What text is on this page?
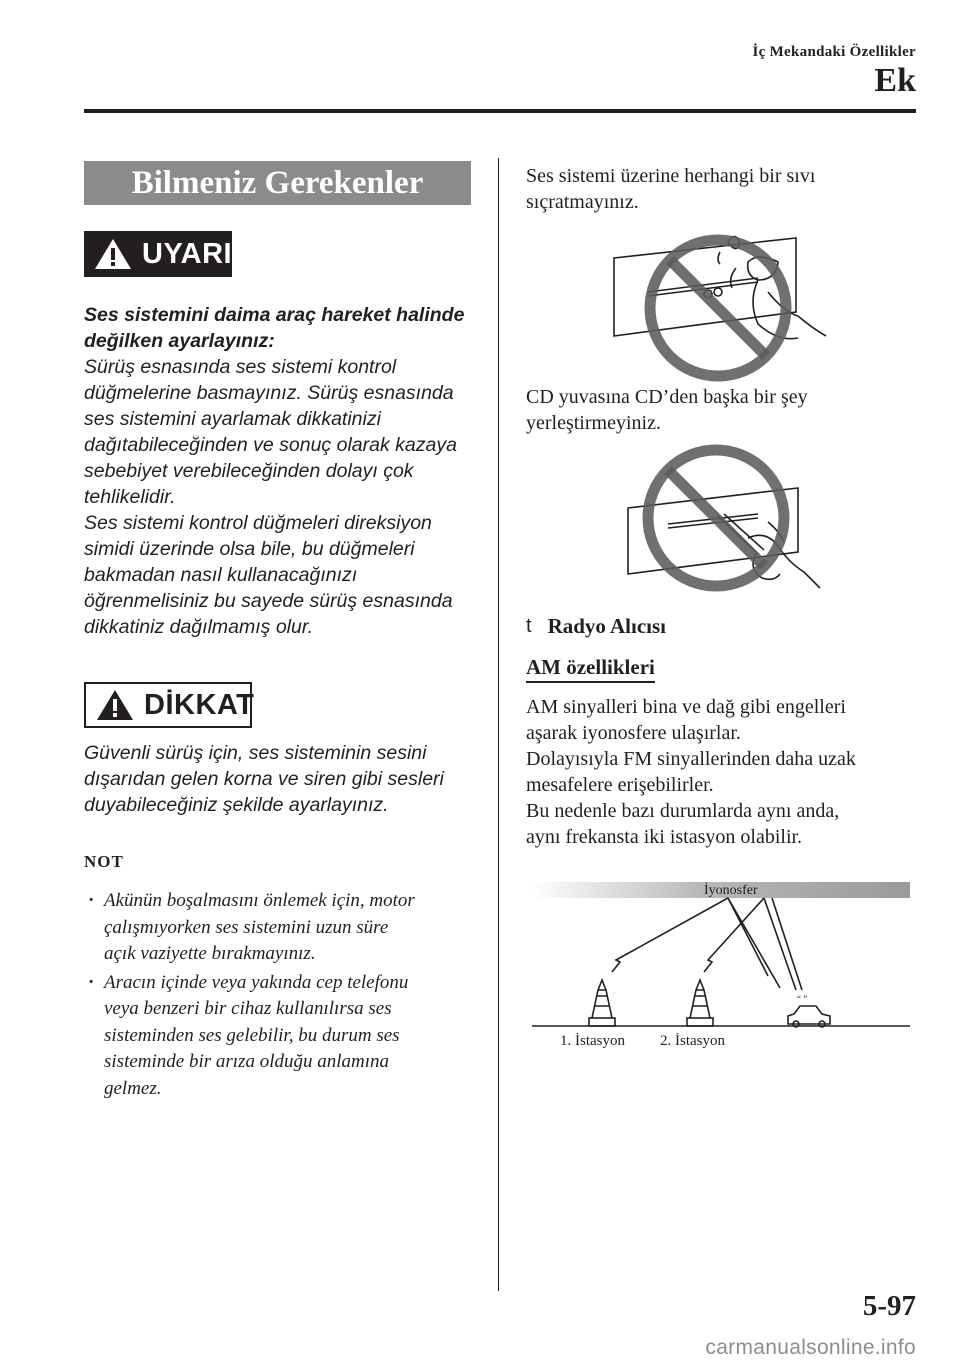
İç Mekandaki Özellikler
Ek
Bilmeniz Gerekenler
UYARI
Ses sistemini daima araç hareket halinde
değilken ayarlayınız:
Sürüş esnasında ses sistemi kontrol
düğmelerine basmayınız. Sürüş esnasında
ses sistemini ayarlamak dikkatinizi
dağıtabileceğinden ve sonuç olarak kazaya
sebebiyet verebileceğinden dolayı çok
tehlikelidir.
Ses sistemi kontrol düğmeleri direksiyon
simidi üzerinde olsa bile, bu düğmeleri
bakmadan nasıl kullanacağınızı
öğrenmelisiniz bu sayede sürüş esnasında
dikkatiniz dağılmamış olur.
DİKKAT
Güvenli sürüş için, ses sisteminin sesini
dışarıdan gelen korna ve siren gibi sesleri
duyabileceğiniz şekilde ayarlayınız.
NOT
· Akünün boşalmasını önlemek için, motor
çalışmıyorken ses sistemini uzun süre
açık vaziyette bırakmayınız.
· Aracın içinde veya yakında cep telefonu
veya benzeri bir cihaz kullanılırsa ses
sisteminden ses gelebilir, bu durum ses
sisteminde bir arıza olduğu anlamına
gelmez.
Ses sistemi üzerine herhangi bir sıvı
sıçratmayınız.
CD yuvasına CD’den başka bir şey
yerleştirmeyiniz.
t Radyo Alıcısı
AM özellikleri
AM sinyalleri bina ve dağ gibi engelleri
aşarak iyonosfere ulaşırlar.
Dolayısıyla FM sinyallerinden daha uzak
mesafelere erişebilirler.
Bu nedenle bazı durumlarda aynı anda,
aynı frekansta iki istasyon olabilir.
İyonosfer
“ ”
1. İstasyon 2. İstasyon
5-97
carmanualsonline.info
